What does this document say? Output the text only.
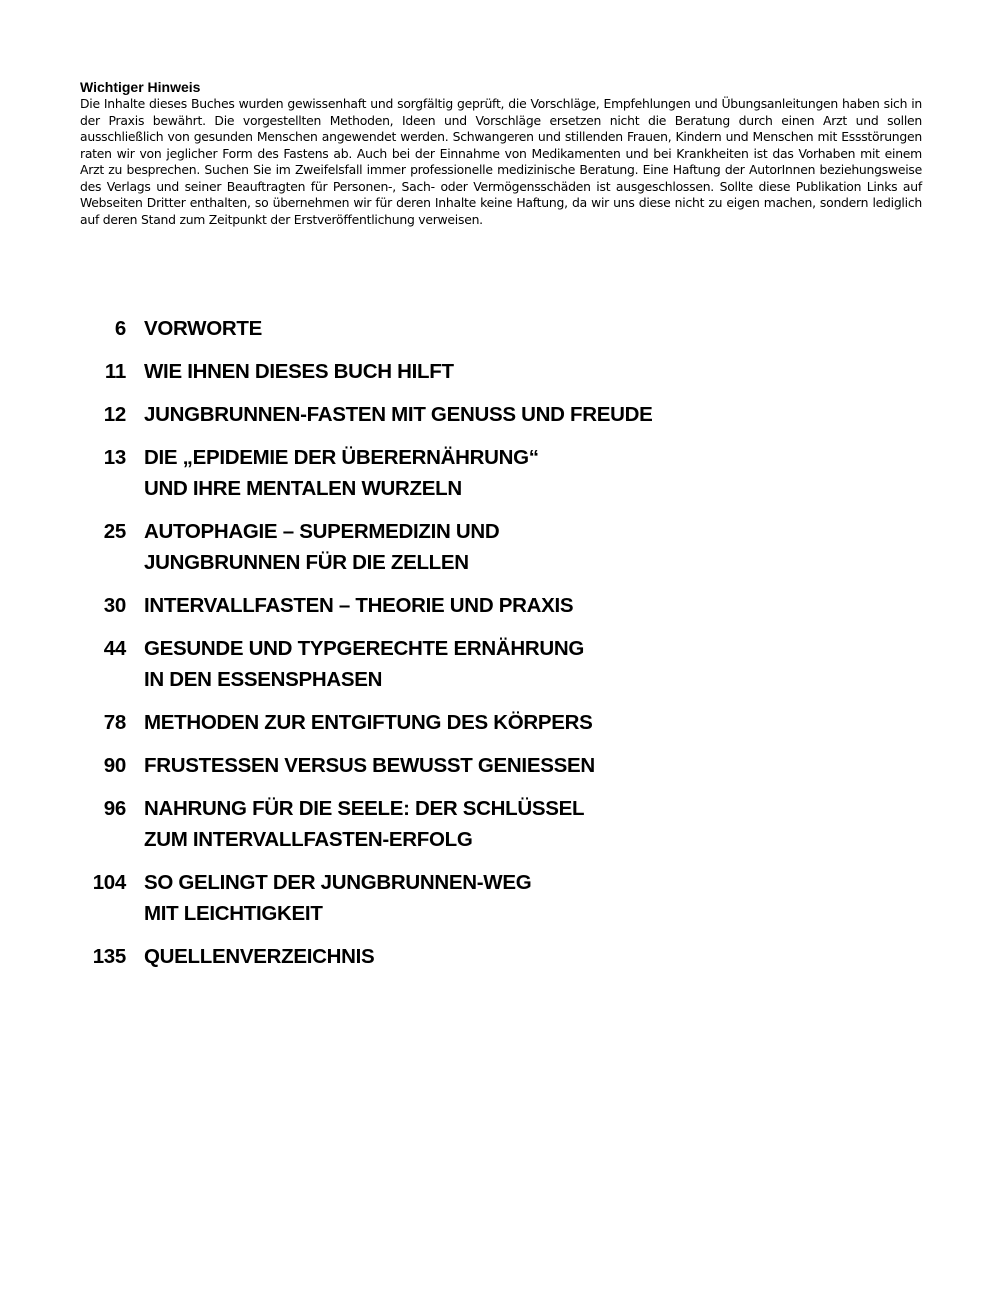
Wichtiger Hinweis
Die Inhalte dieses Buches wurden gewissenhaft und sorgfältig geprüft, die Vorschläge, Empfehlungen und Übungsanleitungen haben sich in der Praxis bewährt. Die vorgestellten Methoden, Ideen und Vorschläge ersetzen nicht die Beratung durch einen Arzt und sollen ausschließlich von gesunden Menschen angewendet werden. Schwangeren und stillenden Frauen, Kindern und Menschen mit Essstörungen raten wir von jeglicher Form des Fastens ab. Auch bei der Einnahme von Medikamenten und bei Krankheiten ist das Vorhaben mit einem Arzt zu besprechen. Suchen Sie im Zweifelsfall immer professionelle medizinische Beratung. Eine Haftung der AutorInnen beziehungsweise des Verlags und seiner Beauftragten für Personen-, Sach- oder Vermögensschäden ist ausgeschlossen. Sollte diese Publikation Links auf Webseiten Dritter enthalten, so übernehmen wir für deren Inhalte keine Haftung, da wir uns diese nicht zu eigen machen, sondern lediglich auf deren Stand zum Zeitpunkt der Erstveröffentlichung verweisen.
6 VORWORTE
11 WIE IHNEN DIESES BUCH HILFT
12 JUNGBRUNNEN-FASTEN MIT GENUSS UND FREUDE
13 DIE „EPIDEMIE DER ÜBERERNÄHRUNG“
UND IHRE MENTALEN WURZELN
25 AUTOPHAGIE – SUPERMEDIZIN UND
JUNGBRUNNEN FÜR DIE ZELLEN
30 INTERVALLFASTEN – THEORIE UND PRAXIS
44 GESUNDE UND TYPGERECHTE ERNÄHRUNG
IN DEN ESSENSPHASEN
78 METHODEN ZUR ENTGIFTUNG DES KÖRPERS
90 FRUSTESSEN VERSUS BEWUSST GENIESSEN
96 NAHRUNG FÜR DIE SEELE: DER SCHLÜSSEL
ZUM INTERVALLFASTEN-ERFOLG
104 SO GELINGT DER JUNGBRUNNEN-WEG
MIT LEICHTIGKEIT
135 QUELLENVERZEICHNIS
